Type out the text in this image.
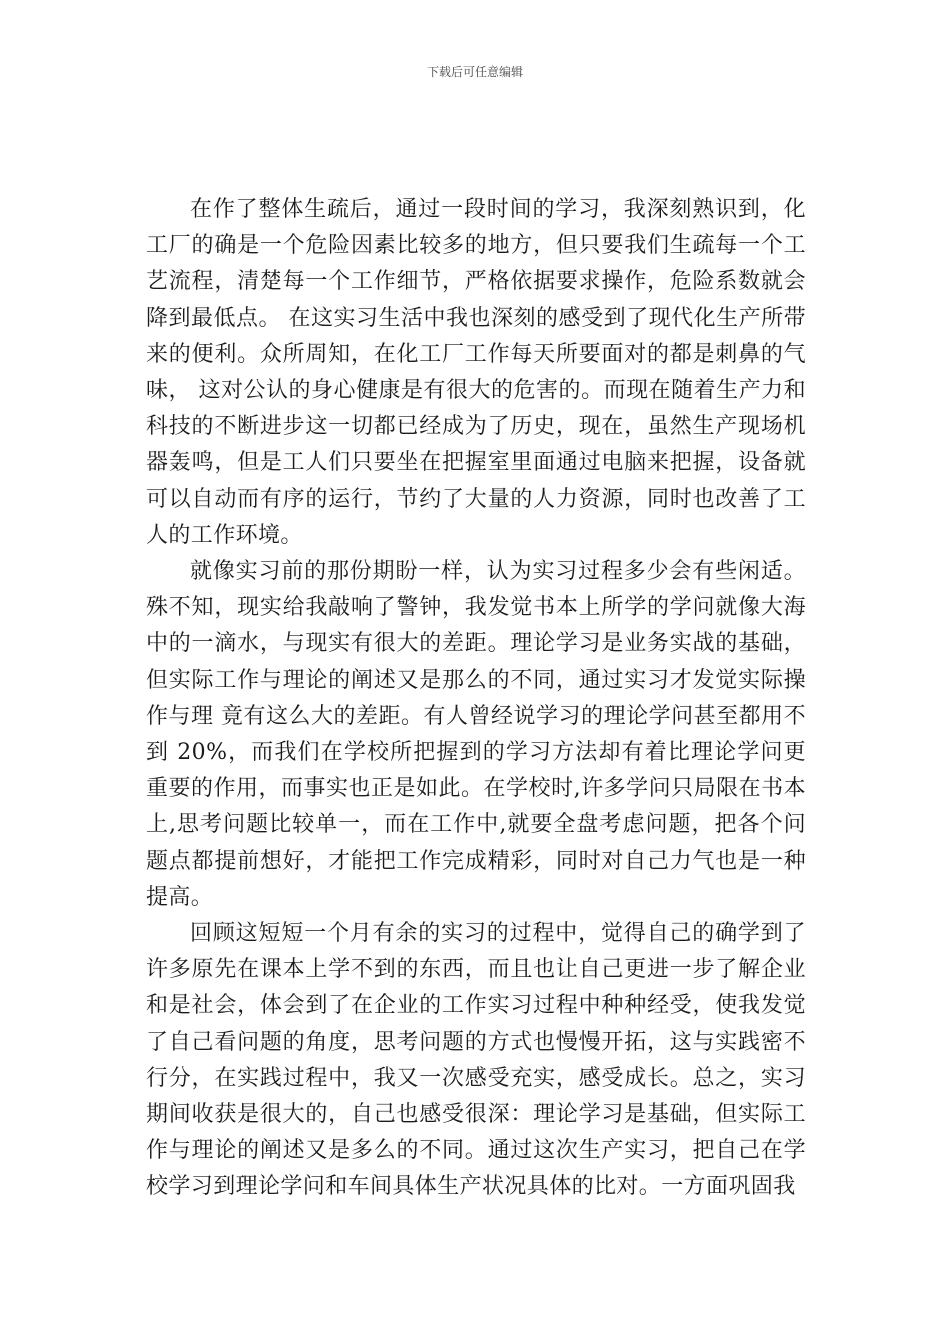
下载后可任意编辑

在作了整体生疏后，通过一段时间的学习，我深刻熟识到，化工厂的确是一个危险因素比较多的地方，但只要我们生疏每一个工艺流程，清楚每一个工作细节，严格依据要求操作，危险系数就会降到最低点。 在这实习生活中我也深刻的感受到了现代化生产所带来的便利。众所周知，在化工厂工作每天所要面对的都是刺鼻的气味， 这对公认的身心健康是有很大的危害的。而现在随着生产力和科技的不断进步这一切都已经成为了历史，现在，虽然生产现场机器轰鸣，但是工人们只要坐在把握室里面通过电脑来把握，设备就可以自动而有序的运行，节约了大量的人力资源，同时也改善了工人的工作环境。

就像实习前的那份期盼一样，认为实习过程多少会有些闲适。殊不知，现实给我敲响了警钟，我发觉书本上所学的学问就像大海中的一滴水，与现实有很大的差距。理论学习是业务实战的基础，但实际工作与理论的阐述又是那么的不同，通过实习才发觉实际操作与理 竟有这么大的差距。有人曾经说学习的理论学问甚至都用不到 20%，而我们在学校所把握到的学习方法却有着比理论学问更重要的作用，而事实也正是如此。在学校时,许多学问只局限在书本上,思考问题比较单一，而在工作中,就要全盘考虑问题，把各个问题点都提前想好，才能把工作完成精彩，同时对自己力气也是一种提高。

回顾这短短一个月有余的实习的过程中，觉得自己的确学到了许多原先在课本上学不到的东西，而且也让自己更进一步了解企业和是社会，体会到了在企业的工作实习过程中种种经受，使我发觉了自己看问题的角度，思考问题的方式也慢慢开拓，这与实践密不行分，在实践过程中，我又一次感受充实，感受成长。总之，实习期间收获是很大的，自己也感受很深：理论学习是基础，但实际工作与理论的阐述又是多么的不同。通过这次生产实习，把自己在学校学习到理论学问和车间具体生产状况具体的比对。一方面巩固我
